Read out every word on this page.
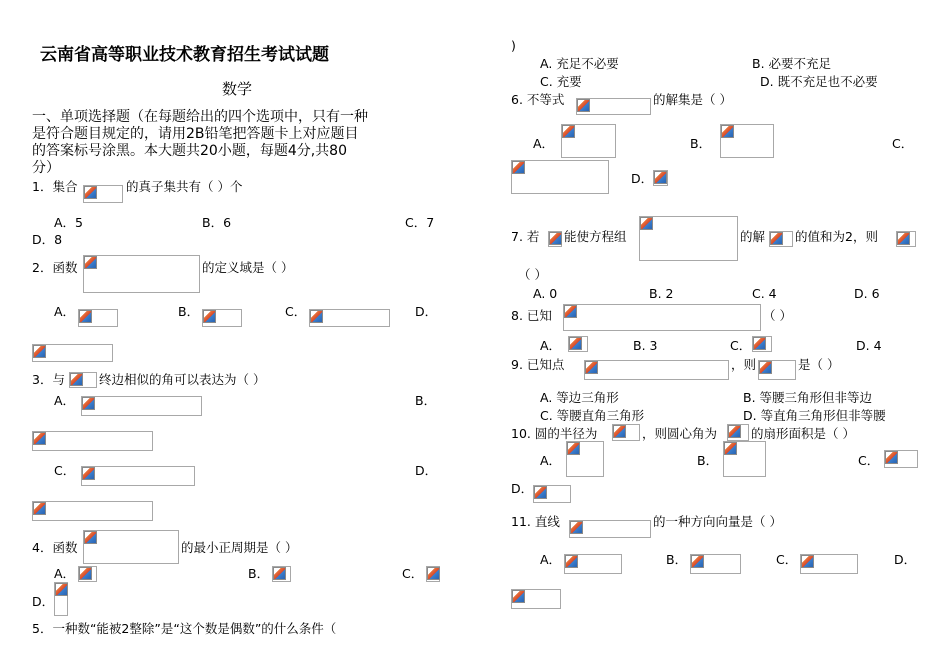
云南省高等职业技术教育招生考试试题
数学
一、单项选择题（在每题给出的四个选项中，只有一种
是符合题目规定的，请用2B铅笔把答题卡上对应题目
的答案标号涂黑。本大题共20小题，每题4分,共80
分）
1．集合	的真子集共有（ ）个
A．5	B．6	C．7
D．8
2．函数	的定义域是（ ）
A．	B．	C．	D．
3．与	终边相似的角可以表达为（ ）
A．	B．
C．	D．
4．函数	的最小正周期是（ ）
A．	B．	C．
D．
5．一种数“能被2整除”是“这个数是偶数”的什么条件（
)
A. 充足不必要	B. 必要不充足
C. 充要	D. 既不充足也不必要
6. 不等式	的解集是（ ）
A．	B．	C．
D．
7. 若 能使方程组	的解 的值和为2，则
（ ）
A. 0	B. 2	C. 4	D. 6
8. 已知	（ ）
A．	B. 3	C．	D. 4
9. 已知点	，则	是（ ）
A. 等边三角形	B. 等腰三角形但非等边
C. 等腰直角三角形	D. 等直角三角形但非等腰
10. 圆的半径为	，则圆心角为	的扇形面积是（ ）
A．	B．	C．
D．
11. 直线	的一种方向向量是（ ）
A．	B．	C．	D．
